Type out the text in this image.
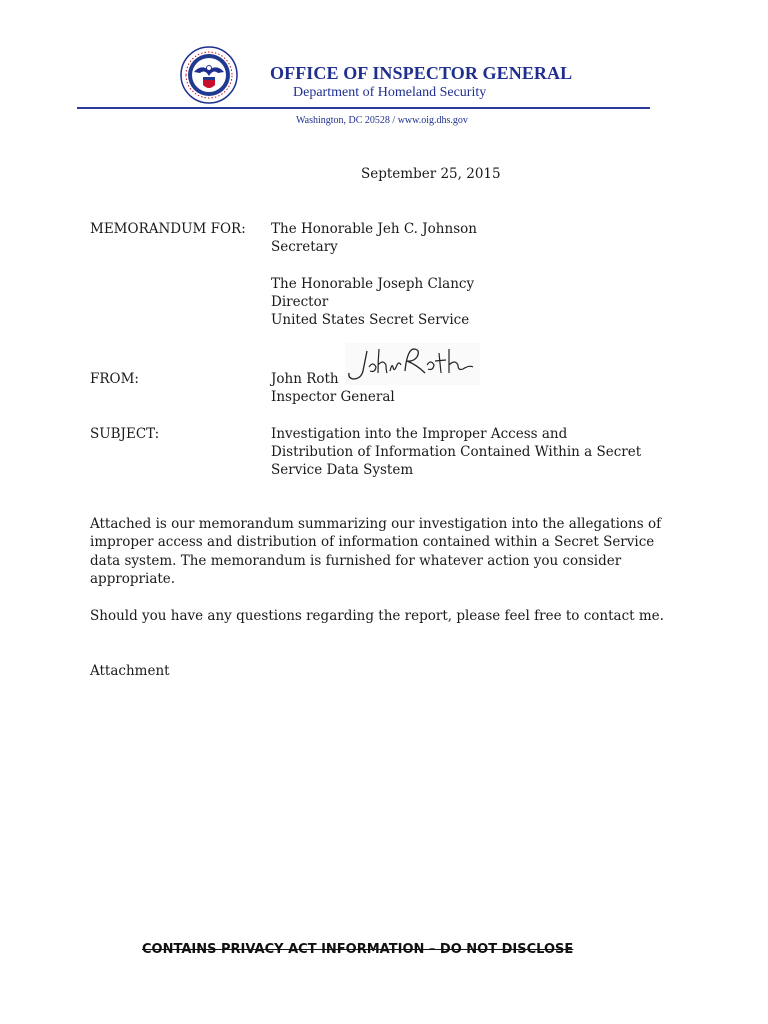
OFFICE OF INSPECTOR GENERAL
Department of Homeland Security
Washington, DC 20528 / www.oig.dhs.gov
September 25, 2015
MEMORANDUM FOR: The Honorable Jeh C. Johnson
Secretary
The Honorable Joseph Clancy
Director
United States Secret Service
FROM:	John Roth
Inspector General
SUBJECT:	Investigation into the Improper Access and
Distribution of Information Contained Within a Secret
Service Data System
Attached is our memorandum summarizing our investigation into the allegations of improper access and distribution of information contained within a Secret Service data system. The memorandum is furnished for whatever action you consider appropriate.
Should you have any questions regarding the report, please feel free to contact me.
Attachment
CONTAINS PRIVACY ACT INFORMATION – DO NOT DISCLOSE
